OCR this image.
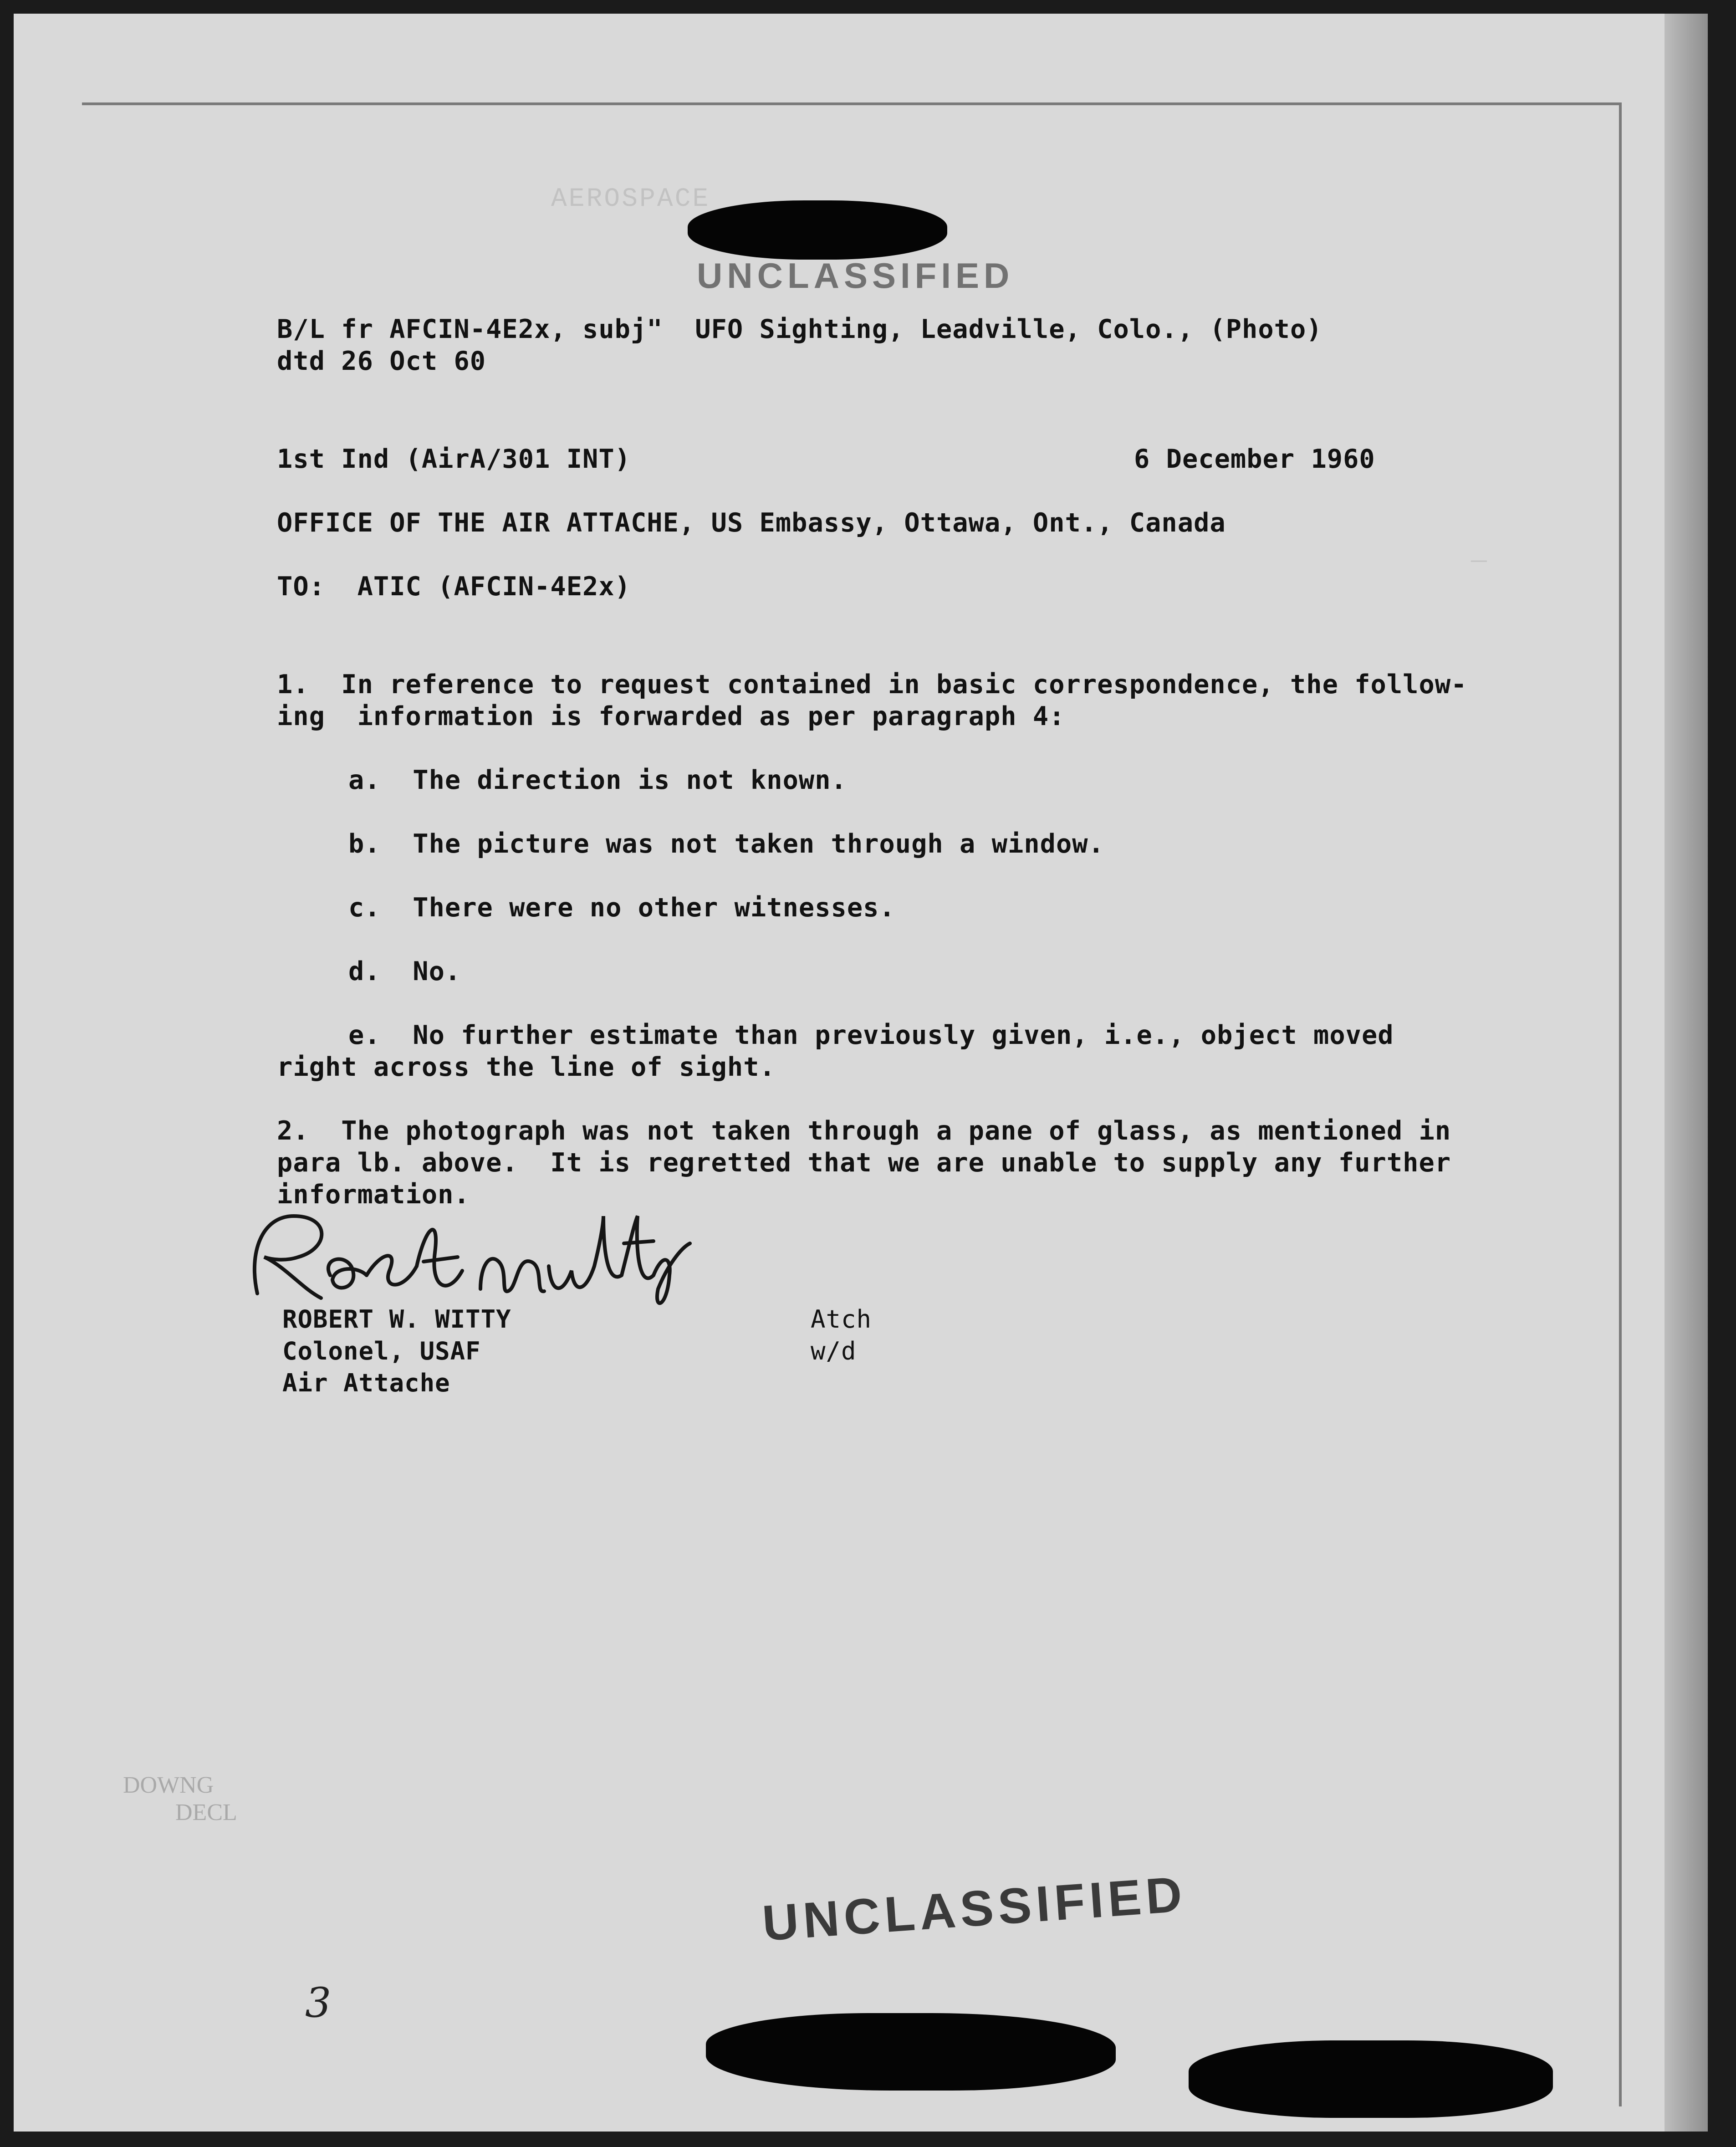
AEROSPACE
_
UNCLASSIFIED
B/L fr AFCIN-4E2x, subj"  UFO Sighting, Leadville, Colo., (Photo)
dtd 26 Oct 60
1st Ind (AirA/301 INT)	6 December 1960
OFFICE OF THE AIR ATTACHE, US Embassy, Ottawa, Ont., Canada
TO:  ATIC (AFCIN-4E2x)
1.  In reference to request contained in basic correspondence, the follow-
ing  information is forwarded as per paragraph 4:
a. The direction is not known.
b. The picture was not taken through a window.
c. There were no other witnesses.
d. No.
e.  No further estimate than previously given, i.e., object moved
right across the line of sight.
2.  The photograph was not taken through a pane of glass, as mentioned in
para lb. above.  It is regretted that we are unable to supply any further
information.
ROBERT W. WITTY
Colonel, USAF
Air Attache
Atch
w/d
DOWNG
DECL
UNCLASSIFIED
3
